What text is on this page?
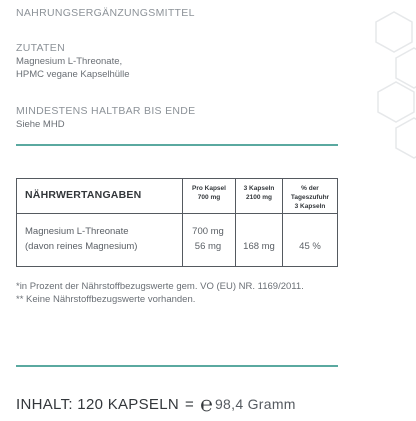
NAHRUNGSERGÄNZUNGSMITTEL
ZUTATEN
Magnesium L-Threonate,
HPMC vegane Kapselhülle
MINDESTENS HALTBAR BIS ENDE
Siehe MHD
NÄHRWERTANGABEN
Pro Kapsel
700 mg
3 Kapseln
2100 mg
% der Tageszufuhr
3 Kapseln
Magnesium L-Threonate
(davon reines Magnesium)
700 mg
56 mg	168 mg	45 %
*in Prozent der Nährstoffbezugswerte gem. VO (EU) NR. 1169/2011.
** Keine Nährstoffbezugswerte vorhanden.
INHALT: 120 KAPSELN = ℮ 98,4 Gramm
